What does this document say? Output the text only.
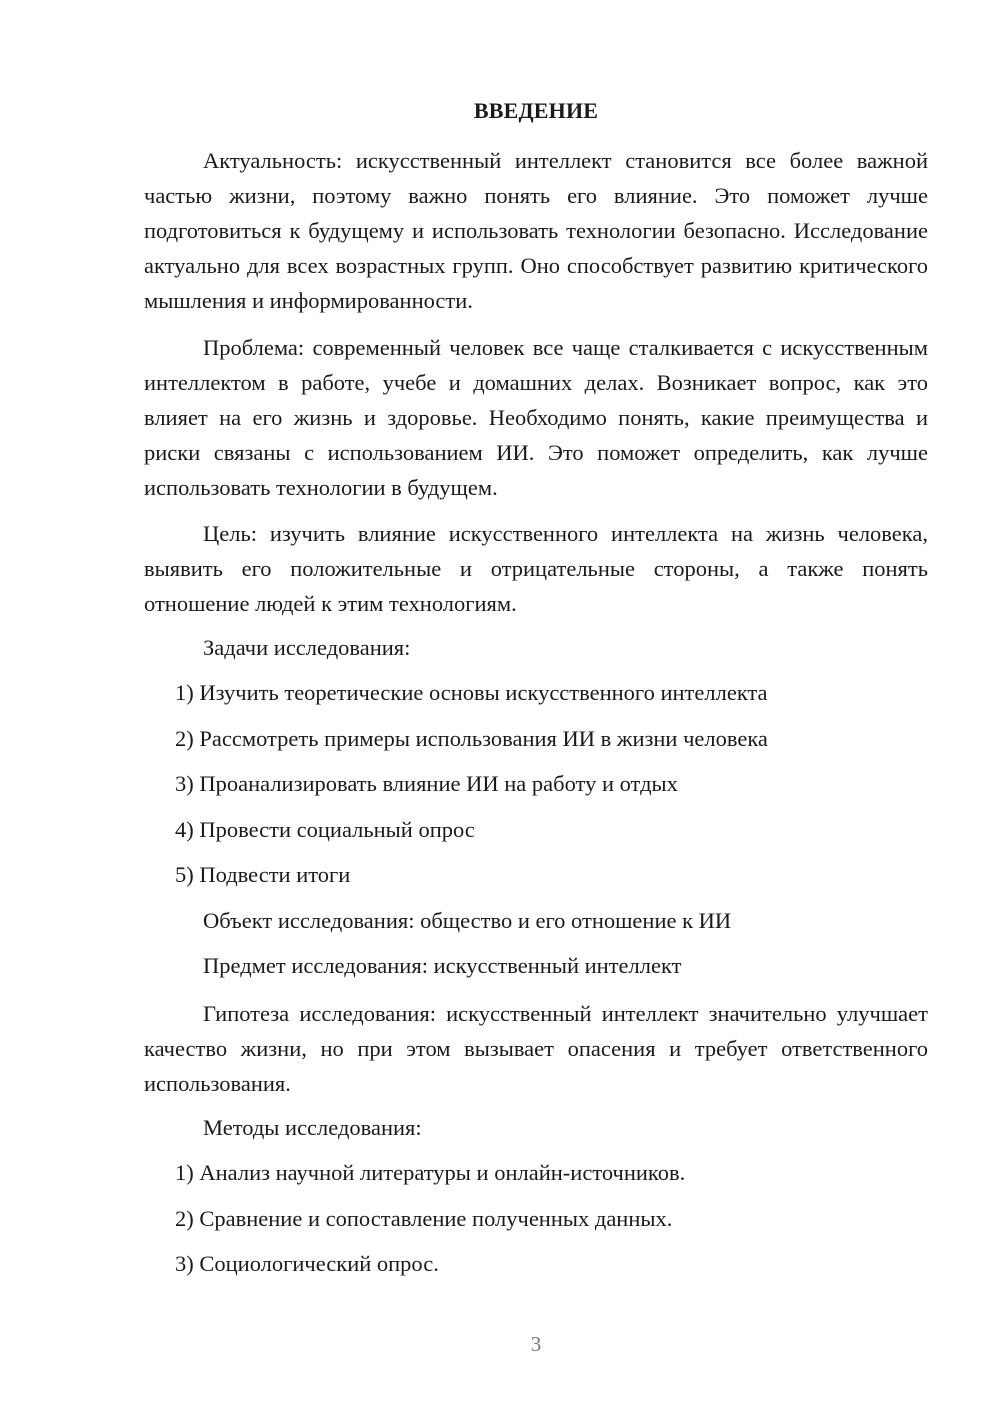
ВВЕДЕНИЕ

Актуальность: искусственный интеллект становится все более важной частью жизни, поэтому важно понять его влияние. Это поможет лучше подготовиться к будущему и использовать технологии безопасно. Исследование актуально для всех возрастных групп. Оно способствует развитию критического мышления и информированности.

Проблема: современный человек все чаще сталкивается с искусственным интеллектом в работе, учебе и домашних делах. Возникает вопрос, как это влияет на его жизнь и здоровье. Необходимо понять, какие преимущества и риски связаны с использованием ИИ. Это поможет определить, как лучше использовать технологии в будущем.

Цель: изучить влияние искусственного интеллекта на жизнь человека, выявить его положительные и отрицательные стороны, а также понять отношение людей к этим технологиям.

Задачи исследования:
1) Изучить теоретические основы искусственного интеллекта
2) Рассмотреть примеры использования ИИ в жизни человека
3) Проанализировать влияние ИИ на работу и отдых
4) Провести социальный опрос
5) Подвести итоги
Объект исследования: общество и его отношение к ИИ
Предмет исследования: искусственный интеллект

Гипотеза исследования: искусственный интеллект значительно улучшает качество жизни, но при этом вызывает опасения и требует ответственного использования.

Методы исследования:
1) Анализ научной литературы и онлайн-источников.
2) Сравнение и сопоставление полученных данных.
3) Социологический опрос.
3
